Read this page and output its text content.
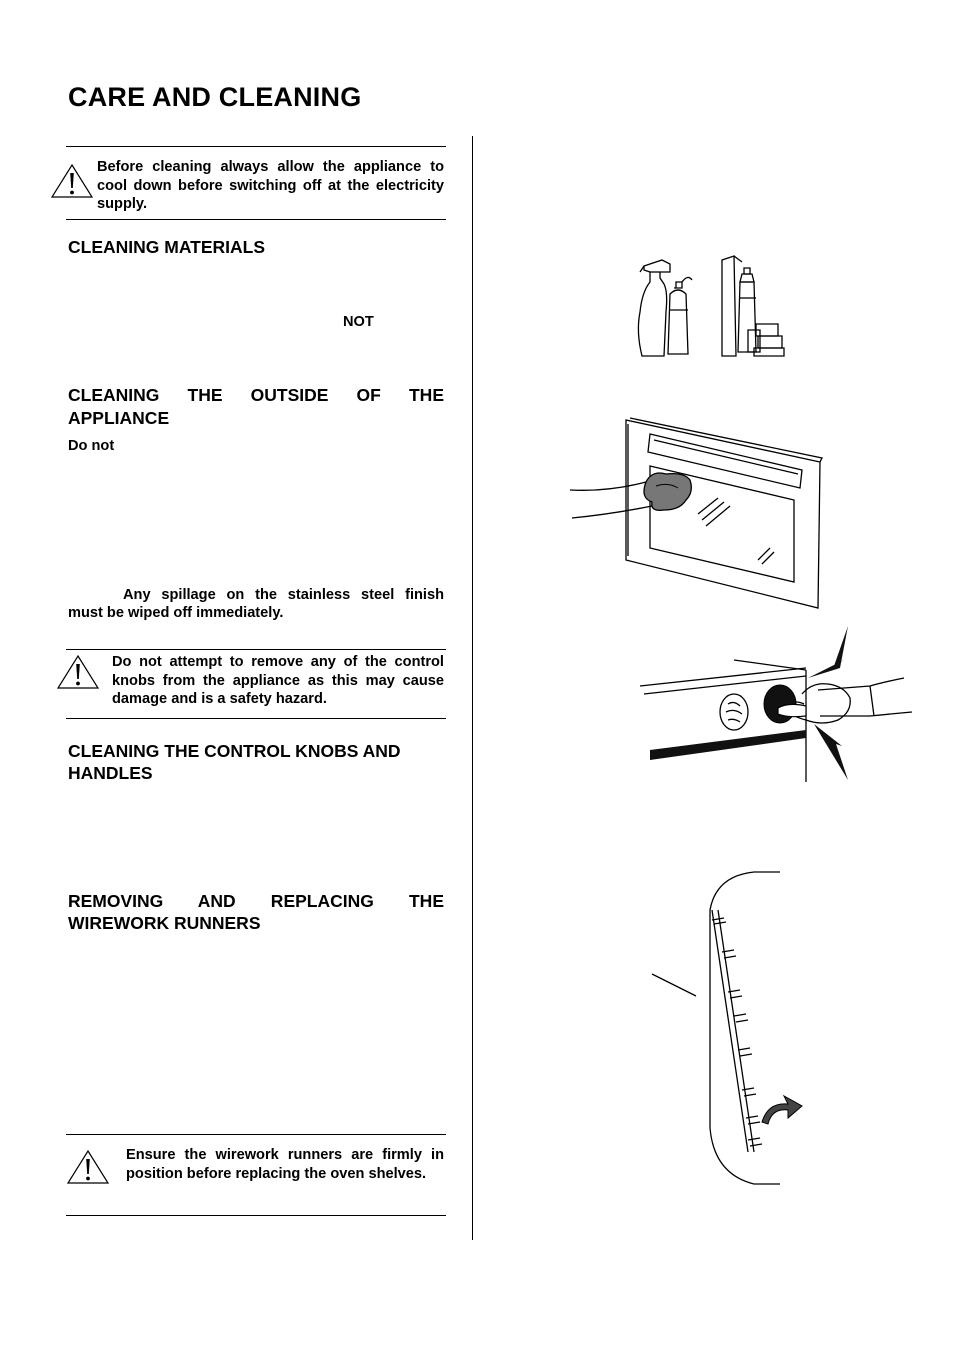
CARE AND CLEANING
Before cleaning always allow the appliance to cool down before switching off at the electricity supply.
CLEANING MATERIALS
NOT
CLEANING THE OUTSIDE OF THE
APPLIANCE
Do not
Any spillage on the stainless steel finish
must be wiped off immediately.
Do not attempt to remove any of the control knobs from the appliance as this may cause damage and is a safety hazard.
CLEANING THE CONTROL KNOBS AND
HANDLES
REMOVING AND REPLACING THE
WIREWORK RUNNERS
Ensure the wirework runners are firmly in position before replacing the oven shelves.
